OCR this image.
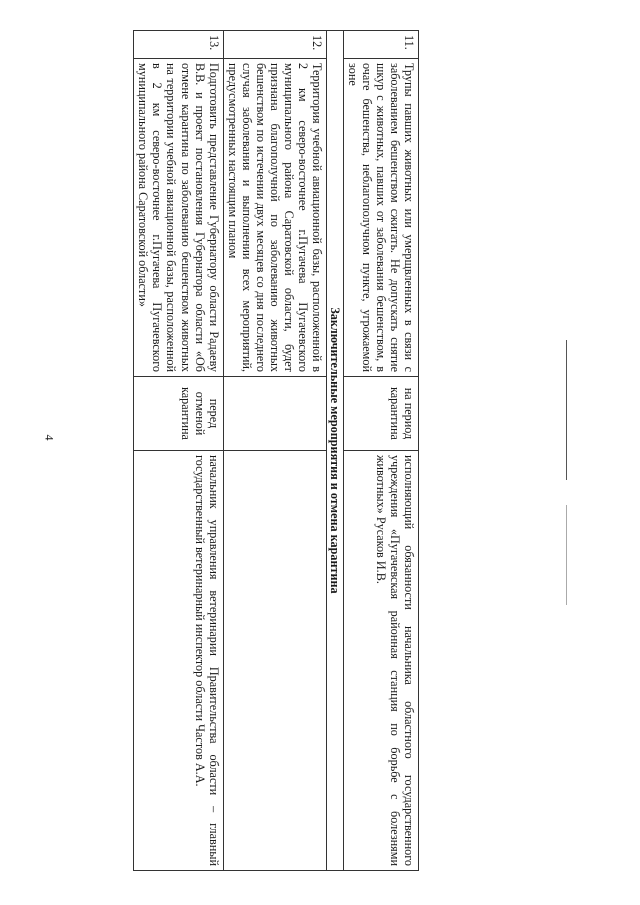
4
11.	Трупы павших животных или умерщвленных в связи с заболеванием бешенством сжигать. Не допускать снятие шкур с животных, павших от заболевания бешенством, в очаге бешенства, неблагополучном пункте, угрожаемой зоне	на период карантина	исполняющий обязанности начальника областного государственного учреждения «Пугачевская районная станция по борьбе с болезнями животных» Русаков И.В.
Заключительные мероприятия и отмена карантина			
12.	Территория учебной авиационной базы, расположенной в 2 км северо-восточнее г.Пугачева Пугачевского муниципального района Саратовской области, будет признана благополучной по заболеванию животных бешенством по истечении двух месяцев со дня последнего случая заболевания и выполнении всех мероприятий, предусмотренных настоящим планом		
13.	Подготовить представление Губернатору области Радаеву В.В. и проект постановления Губернатора области «Об отмене карантина по заболеванию бешенством животных на территории учебной авиационной базы, расположенной в 2 км северо-восточнее г.Пугачева Пугачевского муниципального района Саратовской области»	перед отменой карантина	начальник управления ветеринарии Правительства области – главный государственный ветеринарный инспектор области Частов А.А.
